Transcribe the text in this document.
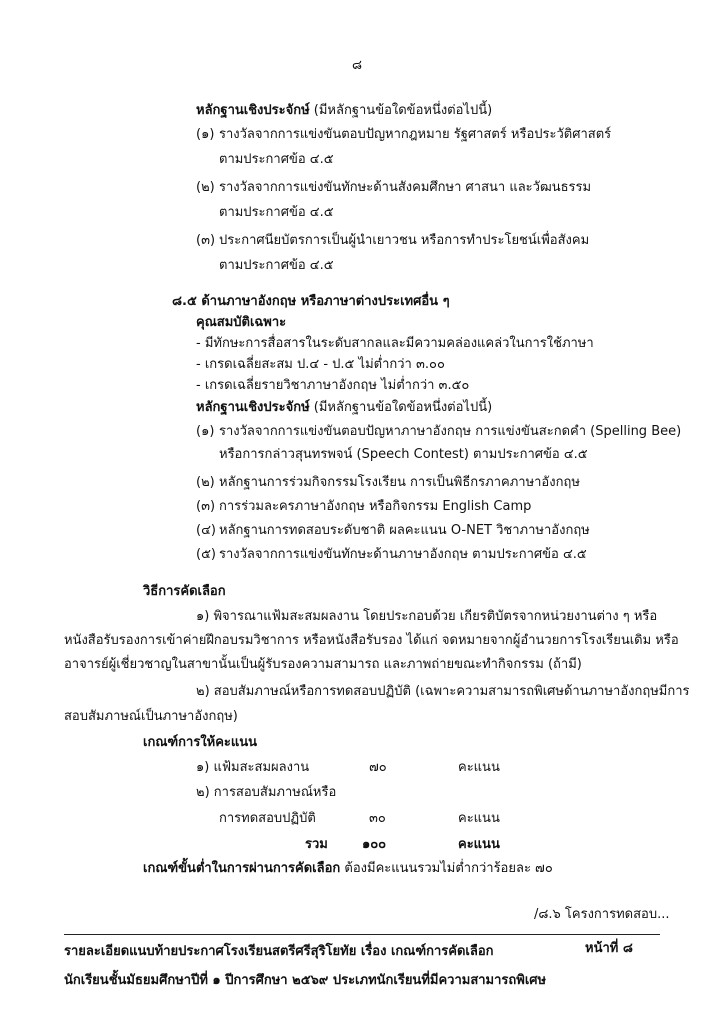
๘
หลักฐานเชิงประจักษ์ (มีหลักฐานข้อใดข้อหนึ่งต่อไปนี้)
(๑) รางวัลจากการแข่งขันตอบปัญหากฎหมาย รัฐศาสตร์ หรือประวัติศาสตร์
ตามประกาศข้อ ๔.๕
(๒) รางวัลจากการแข่งขันทักษะด้านสังคมศึกษา ศาสนา และวัฒนธรรม
ตามประกาศข้อ ๔.๕
(๓) ประกาศนียบัตรการเป็นผู้นำเยาวชน หรือการทำประโยชน์เพื่อสังคม
ตามประกาศข้อ ๔.๕
๘.๕ ด้านภาษาอังกฤษ หรือภาษาต่างประเทศอื่น ๆ
คุณสมบัติเฉพาะ
- มีทักษะการสื่อสารในระดับสากลและมีความคล่องแคล่วในการใช้ภาษา
- เกรดเฉลี่ยสะสม ป.๔ - ป.๕ ไม่ต่ำกว่า ๓.๐๐
- เกรดเฉลี่ยรายวิชาภาษาอังกฤษ ไม่ต่ำกว่า ๓.๕๐
หลักฐานเชิงประจักษ์ (มีหลักฐานข้อใดข้อหนึ่งต่อไปนี้)
(๑) รางวัลจากการแข่งขันตอบปัญหาภาษาอังกฤษ การแข่งขันสะกดคำ (Spelling Bee)
หรือการกล่าวสุนทรพจน์ (Speech Contest) ตามประกาศข้อ ๔.๕
(๒) หลักฐานการร่วมกิจกรรมโรงเรียน การเป็นพิธีกรภาคภาษาอังกฤษ
(๓) การร่วมละครภาษาอังกฤษ หรือกิจกรรม English Camp
(๔) หลักฐานการทดสอบระดับชาติ ผลคะแนน O-NET วิชาภาษาอังกฤษ
(๕) รางวัลจากการแข่งขันทักษะด้านภาษาอังกฤษ ตามประกาศข้อ ๔.๕
วิธีการคัดเลือก
๑) พิจารณาแฟ้มสะสมผลงาน โดยประกอบด้วย เกียรติบัตรจากหน่วยงานต่าง ๆ หรือ
หนังสือรับรองการเข้าค่ายฝึกอบรมวิชาการ หรือหนังสือรับรอง ได้แก่ จดหมายจากผู้อำนวยการโรงเรียนเดิม หรือ
อาจารย์ผู้เชี่ยวชาญในสาขานั้นเป็นผู้รับรองความสามารถ และภาพถ่ายขณะทำกิจกรรม (ถ้ามี)
๒) สอบสัมภาษณ์หรือการทดสอบปฏิบัติ (เฉพาะความสามารถพิเศษด้านภาษาอังกฤษมีการ
สอบสัมภาษณ์เป็นภาษาอังกฤษ)
เกณฑ์การให้คะแนน
๑) แฟ้มสะสมผลงาน	๗๐	คะแนน
๒) การสอบสัมภาษณ์หรือ
การทดสอบปฏิบัติ	๓๐	คะแนน
รวม	๑๐๐	คะแนน
เกณฑ์ขั้นต่ำในการผ่านการคัดเลือก ต้องมีคะแนนรวมไม่ต่ำกว่าร้อยละ ๗๐
/๘.๖ โครงการทดสอบ...
รายละเอียดแนบท้ายประกาศโรงเรียนสตรีศรีสุริโยทัย เรื่อง เกณฑ์การคัดเลือก	หน้าที่ ๘
นักเรียนชั้นมัธยมศึกษาปีที่ ๑ ปีการศึกษา ๒๕๖๙ ประเภทนักเรียนที่มีความสามารถพิเศษ
